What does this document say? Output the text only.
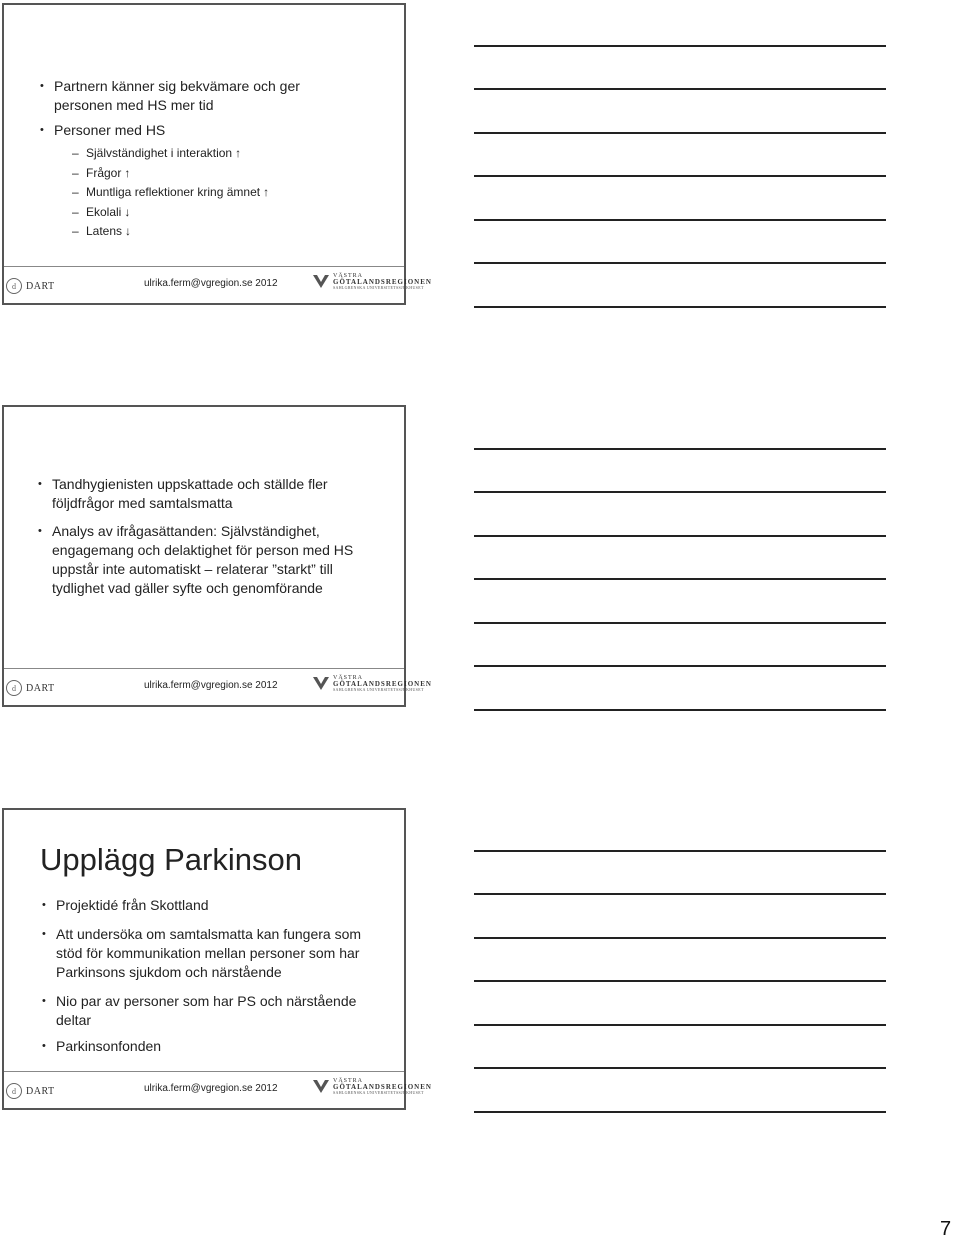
• Partnern känner sig bekvämare och ger personen med HS mer tid
• Personer med HS
– Självständighet i interaktion ↑
– Frågor ↑
– Muntliga reflektioner kring ämnet ↑
– Ekolali ↓
– Latens ↓
d	DART	ulrika.ferm@vgregion.se 2012
VÄSTRA
GÖTALANDSREGIONEN
SAHLGRENSKA UNIVERSITETSSJUKHUSET
• Tandhygienisten uppskattade och ställde fler följdfrågor med samtalsmatta
• Analys av ifrågasättanden: Självständighet, engagemang och delaktighet för person med HS uppstår inte automatiskt – relaterar ”starkt” till tydlighet vad gäller syfte och genomförande
d	DART	ulrika.ferm@vgregion.se 2012
VÄSTRA
GÖTALANDSREGIONEN
SAHLGRENSKA UNIVERSITETSSJUKHUSET
Upplägg Parkinson
• Projektidé från Skottland
• Att undersöka om samtalsmatta kan fungera som stöd för kommunikation mellan personer som har Parkinsons sjukdom och närstående
• Nio par av personer som har PS och närstående deltar
• Parkinsonfonden
d	DART	ulrika.ferm@vgregion.se 2012
VÄSTRA
GÖTALANDSREGIONEN
SAHLGRENSKA UNIVERSITETSSJUKHUSET
7
